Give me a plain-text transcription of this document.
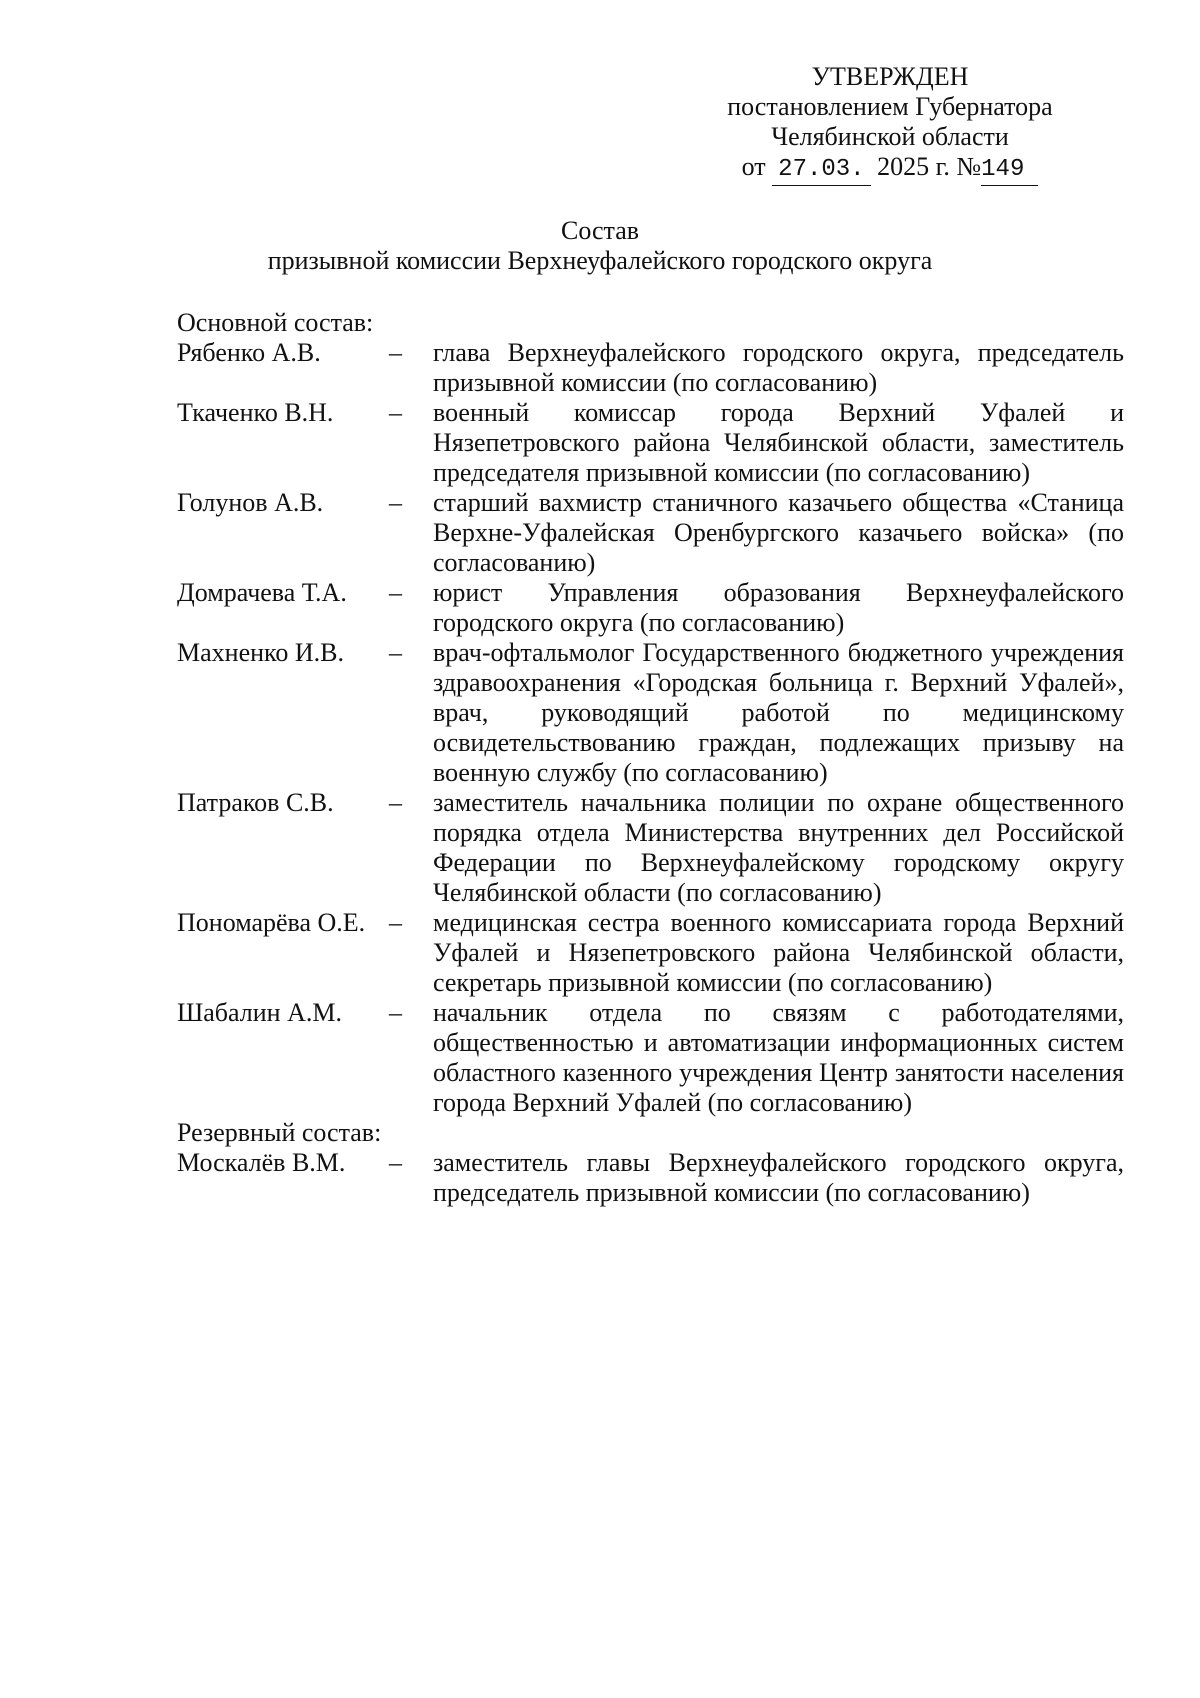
УТВЕРЖДЕН
постановлением Губернатора
Челябинской области
от 27.03. 2025 г. №149
Состав
призывной комиссии Верхнеуфалейского городского округа
Основной состав:
Рябенко А.В.	–	глава Верхнеуфалейского городского округа, председатель призывной комиссии (по согласованию)
Ткаченко В.Н.	–	военный комиссар города Верхний Уфалей и Нязепетровского района Челябинской области, заместитель председателя призывной комиссии (по согласованию)
Голунов А.В.	–	старший вахмистр станичного казачьего общества «Станица Верхне-Уфалейская Оренбургского казачьего войска» (по согласованию)
Домрачева Т.А.	–	юрист Управления образования Верхнеуфалейского городского округа (по согласованию)
Махненко И.В.	–	врач-офтальмолог Государственного бюджетного учреждения здравоохранения «Городская больница г. Верхний Уфалей», врач, руководящий работой по медицинскому освидетельствованию граждан, подлежащих призыву на военную службу (по согласованию)
Патраков С.В.	–	заместитель начальника полиции по охране общественного порядка отдела Министерства внутренних дел Российской Федерации по Верхнеуфалейскому городскому округу Челябинской области (по согласованию)
Пономарёва О.Е. –	медицинская сестра военного комиссариата города Верхний Уфалей и Нязепетровского района Челябинской области, секретарь призывной комиссии (по согласованию)
Шабалин А.М.	–	начальник отдела по связям с работодателями, общественностью и автоматизации информационных систем областного казенного учреждения Центр занятости населения города Верхний Уфалей (по согласованию)
Резервный состав:
Москалёв В.М.	–	заместитель главы Верхнеуфалейского городского округа, председатель призывной комиссии (по согласованию)
